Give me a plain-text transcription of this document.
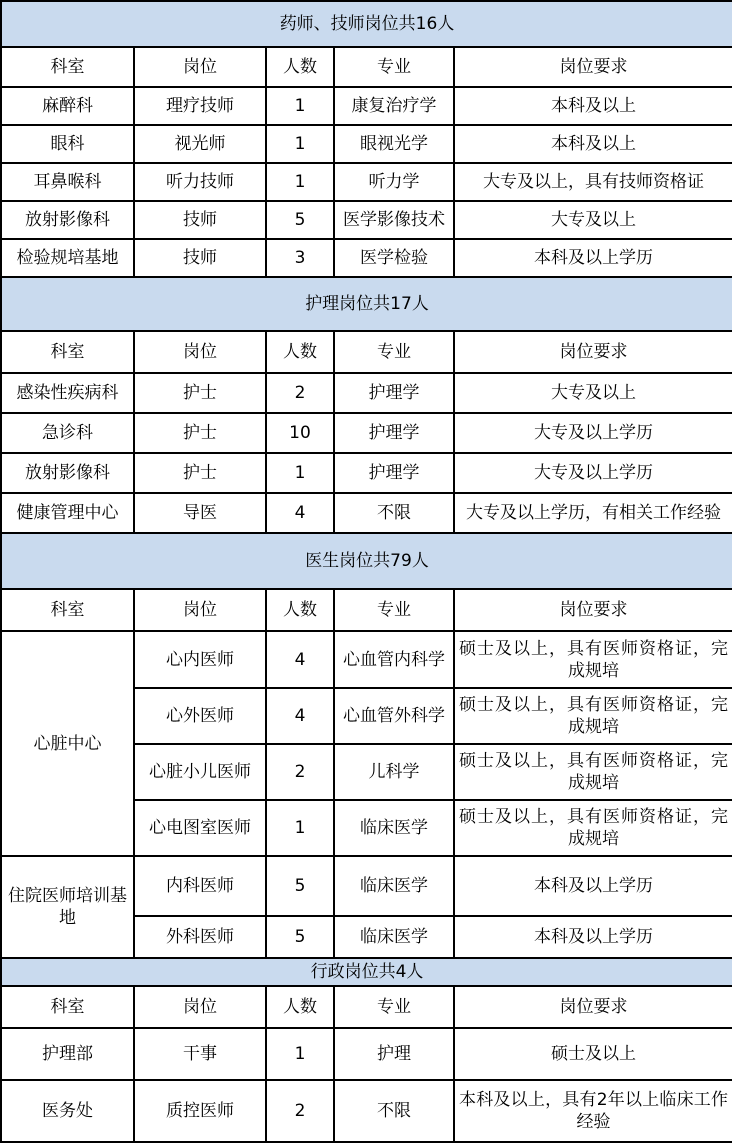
药师、技师岗位共16人				
科室	岗位	人数	专业	岗位要求
麻醉科	理疗技师	1	康复治疗学	本科及以上
眼科	视光师	1	眼视光学	本科及以上
耳鼻喉科	听力技师	1	听力学	大专及以上，具有技师资格证
放射影像科	技师	5	医学影像技术	大专及以上
检验规培基地	技师	3	医学检验	本科及以上学历
护理岗位共17人				
科室	岗位	人数	专业	岗位要求
感染性疾病科	护士	2	护理学	大专及以上
急诊科	护士	10	护理学	大专及以上学历
放射影像科	护士	1	护理学	大专及以上学历
健康管理中心	导医	4	不限	大专及以上学历，有相关工作经验
医生岗位共79人				
科室	岗位	人数	专业	岗位要求
心脏中心	心内医师	4	心血管内科学	硕士及以上，具有医师资格证，完成规培
	心外医师	4	心血管外科学	硕士及以上，具有医师资格证，完成规培
	心脏小儿医师	2	儿科学	硕士及以上，具有医师资格证，完成规培
	心电图室医师	1	临床医学	硕士及以上，具有医师资格证，完成规培
住院医师培训基地	内科医师	5	临床医学	本科及以上学历
	外科医师	5	临床医学	本科及以上学历
行政岗位共4人				
科室	岗位	人数	专业	岗位要求
护理部	干事	1	护理	硕士及以上
医务处	质控医师	2	不限	本科及以上，具有2年以上临床工作经验
